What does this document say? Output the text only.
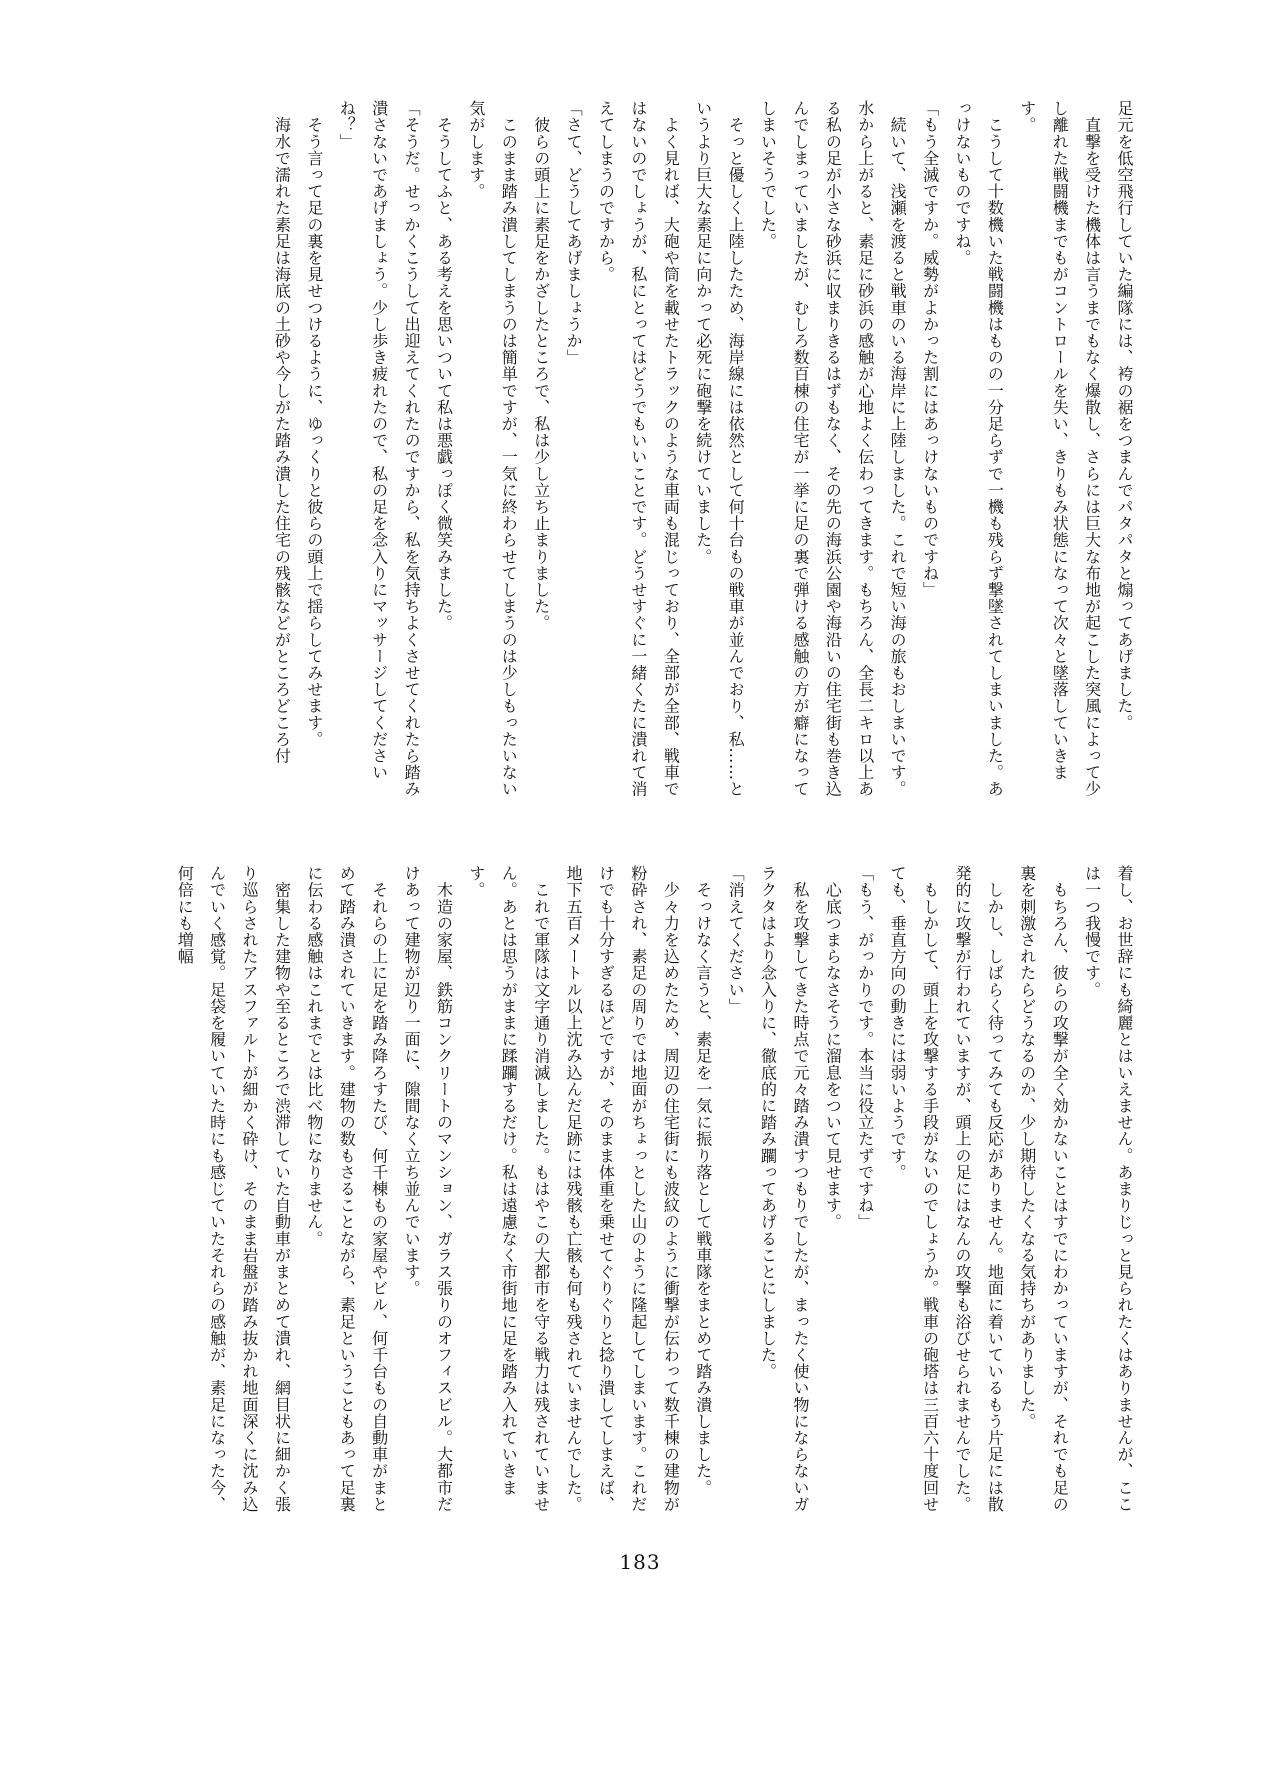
足元を低空飛行していた編隊には、袴の裾をつまんでパタパタと煽ってあげました。

　直撃を受けた機体は言うまでもなく爆散し、さらには巨大な布地が起こした突風によって少し離れた戦闘機までもがコントロールを失い、きりもみ状態になって次々と墜落していきます。

　こうして十数機いた戦闘機はものの一分足らずで一機も残らず撃墜されてしまいました。あっけないものですね。

「もう全滅ですか。威勢がよかった割にはあっけないものですね」

　続いて、浅瀬を渡ると戦車のいる海岸に上陸しました。これで短い海の旅もおしまいです。水から上がると、素足に砂浜の感触が心地よく伝わってきます。もちろん、全長二キロ以上ある私の足が小さな砂浜に収まりきるはずもなく、その先の海浜公園や海沿いの住宅街も巻き込んでしまっていましたが、むしろ数百棟の住宅が一挙に足の裏で弾ける感触の方が癖になってしまいそうでした。

　そっと優しく上陸したため、海岸線には依然として何十台もの戦車が並んでおり、私……というより巨大な素足に向かって必死に砲撃を続けていました。

　よく見れば、大砲や筒を載せたトラックのような車両も混じっており、全部が全部、戦車ではないのでしょうが、私にとってはどうでもいいことです。どうせすぐに一緒くたに潰れて消えてしまうのですから。

「さて、どうしてあげましょうか」

　彼らの頭上に素足をかざしたところで、私は少し立ち止まりました。

　このまま踏み潰してしまうのは簡単ですが、一気に終わらせてしまうのは少しもったいない気がします。

　そうしてふと、ある考えを思いついて私は悪戯っぽく微笑みました。

「そうだ。せっかくこうして出迎えてくれたのですから、私を気持ちよくさせてくれたら踏み潰さないであげましょう。少し歩き疲れたので、私の足を念入りにマッサージしてくださいね？」

　そう言って足の裏を見せつけるように、ゆっくりと彼らの頭上で揺らしてみせます。

　海水で濡れた素足は海底の土砂や今しがた踏み潰した住宅の残骸などがところどころ付

着し、お世辞にも綺麗とはいえません。あまりじっと見られたくはありませんが、ここは一つ我慢です。

　もちろん、彼らの攻撃が全く効かないことはすでにわかっていますが、それでも足の裏を刺激されたらどうなるのか、少し期待したくなる気持ちがありました。

　しかし、しばらく待ってみても反応がありません。地面に着いているもう片足には散発的に攻撃が行われていますが、頭上の足にはなんの攻撃も浴びせられませんでした。

　もしかして、頭上を攻撃する手段がないのでしょうか。戦車の砲塔は三百六十度回せても、垂直方向の動きには弱いようです。

「もう、がっかりです。本当に役立たずですね」

　心底つまらなさそうに溜息をついて見せます。

　私を攻撃してきた時点で元々踏み潰すつもりでしたが、まったく使い物にならないガラクタはより念入りに、徹底的に踏み躙ってあげることにしました。

「消えてください」

　そっけなく言うと、素足を一気に振り落として戦車隊をまとめて踏み潰しました。

　少々力を込めたため、周辺の住宅街にも波紋のように衝撃が伝わって数千棟の建物が粉砕され、素足の周りでは地面がちょっとした山のように隆起してしまいます。これだけでも十分すぎるほどですが、そのまま体重を乗せてぐりぐりと捻り潰してしまえば、地下五百メートル以上沈み込んだ足跡には残骸も亡骸も何も残されていませんでした。

　これで軍隊は文字通り消滅しました。もはやこの大都市を守る戦力は残されていません。あとは思うがままに蹂躙するだけ。私は遠慮なく市街地に足を踏み入れていきます。

　木造の家屋、鉄筋コンクリートのマンション、ガラス張りのオフィスビル。大都市だけあって建物が辺り一面に、隙間なく立ち並んでいます。

　それらの上に足を踏み降ろすたび、何千棟もの家屋やビル、何千台もの自動車がまとめて踏み潰されていきます。建物の数もさることながら、素足ということもあって足裏に伝わる感触はこれまでとは比べ物になりません。

　密集した建物や至るところで渋滞していた自動車がまとめて潰れ、網目状に細かく張り巡らされたアスファルトが細かく砕け、そのまま岩盤が踏み抜かれ地面深くに沈み込んでいく感覚。足袋を履いていた時にも感じていたそれらの感触が、素足になった今、何倍にも増幅

183
